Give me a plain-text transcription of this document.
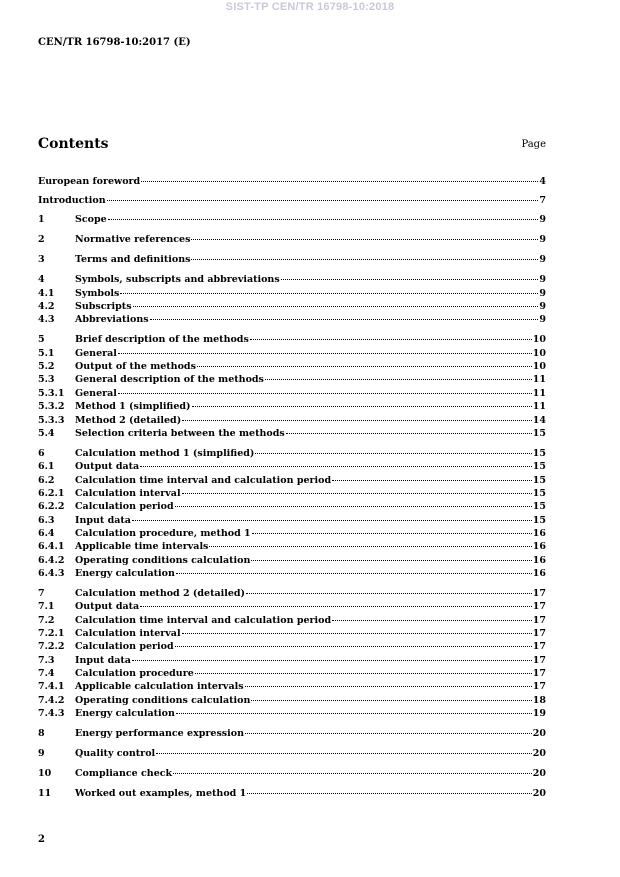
SIST-TP CEN/TR 16798-10:2018
CEN/TR 16798-10:2017 (E)
Contents	Page
European foreword	4
Introduction	7
1	Scope	9
2	Normative references	9
3	Terms and definitions	9
4	Symbols, subscripts and abbreviations	9
4.1	Symbols	9
4.2	Subscripts	9
4.3	Abbreviations	9
5	Brief description of the methods	10
5.1	General	10
5.2	Output of the methods	10
5.3	General description of the methods	11
5.3.1	General	11
5.3.2	Method 1 (simplified)	11
5.3.3	Method 2 (detailed)	14
5.4	Selection criteria between the methods	15
6	Calculation method 1 (simplified)	15
6.1	Output data	15
6.2	Calculation time interval and calculation period	15
6.2.1	Calculation interval	15
6.2.2	Calculation period	15
6.3	Input data	15
6.4	Calculation procedure, method 1	16
6.4.1	Applicable time intervals	16
6.4.2	Operating conditions calculation	16
6.4.3	Energy calculation	16
7	Calculation method 2 (detailed)	17
7.1	Output data	17
7.2	Calculation time interval and calculation period	17
7.2.1	Calculation interval	17
7.2.2	Calculation period	17
7.3	Input data	17
7.4	Calculation procedure	17
7.4.1	Applicable calculation intervals	17
7.4.2	Operating conditions calculation	18
7.4.3	Energy calculation	19
8	Energy performance expression	20
9	Quality control	20
10	Compliance check	20
11	Worked out examples, method 1	20
2
